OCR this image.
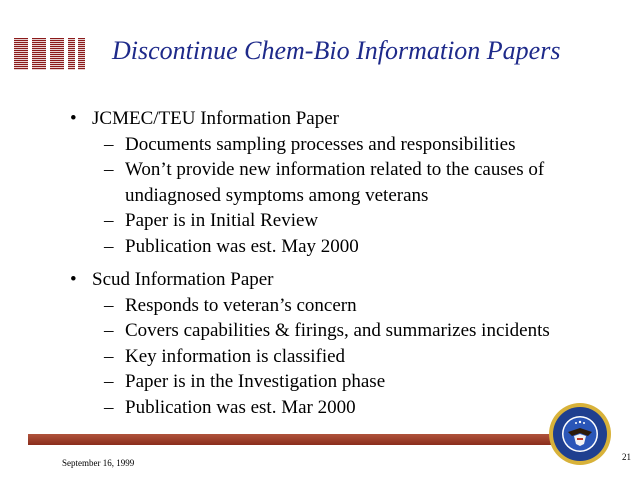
Discontinue Chem-Bio Information Papers
• JCMEC/TEU Information Paper
– Documents sampling processes and responsibilities
– Won’t provide new information related to the causes of undiagnosed symptoms among veterans
– Paper is in Initial Review
– Publication was est. May 2000
• Scud Information Paper
– Responds to veteran’s concern
– Covers capabilities & firings, and summarizes incidents
– Key information is classified
– Paper is in the Investigation phase
– Publication was est. Mar 2000
September 16, 1999
21
